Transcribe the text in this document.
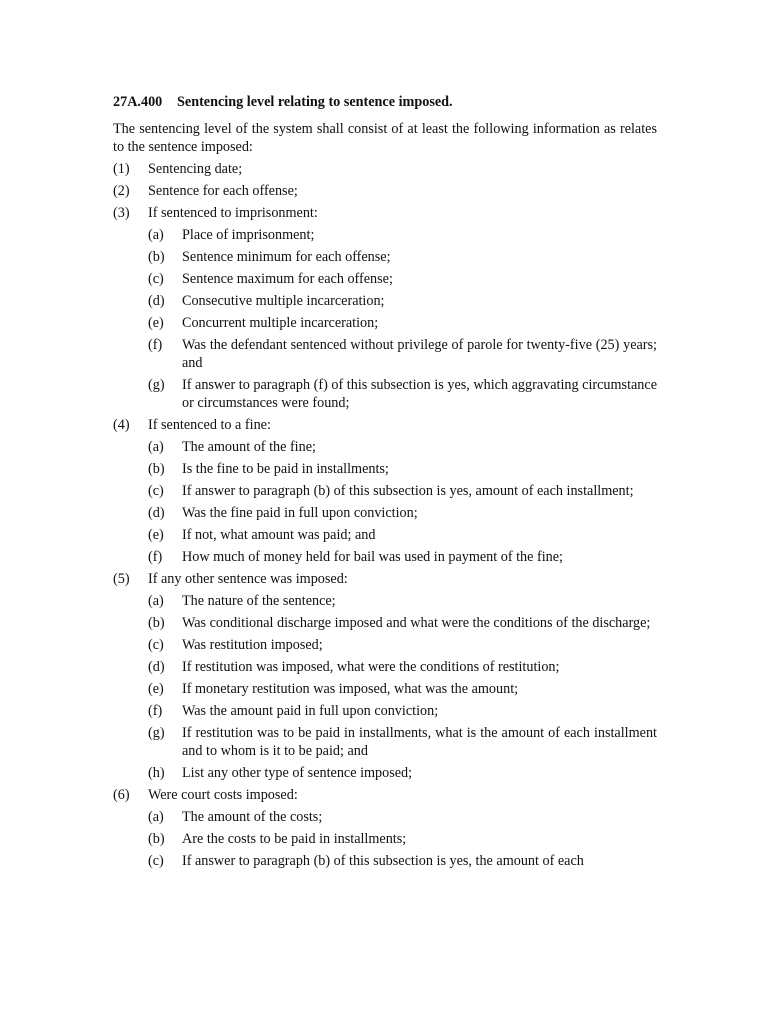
27A.400 Sentencing level relating to sentence imposed.
The sentencing level of the system shall consist of at least the following information as relates to the sentence imposed:
(1) Sentencing date;
(2) Sentence for each offense;
(3) If sentenced to imprisonment:
(a) Place of imprisonment;
(b) Sentence minimum for each offense;
(c) Sentence maximum for each offense;
(d) Consecutive multiple incarceration;
(e) Concurrent multiple incarceration;
(f) Was the defendant sentenced without privilege of parole for twenty-five (25) years; and
(g) If answer to paragraph (f) of this subsection is yes, which aggravating circumstance or circumstances were found;
(4) If sentenced to a fine:
(a) The amount of the fine;
(b) Is the fine to be paid in installments;
(c) If answer to paragraph (b) of this subsection is yes, amount of each installment;
(d) Was the fine paid in full upon conviction;
(e) If not, what amount was paid; and
(f) How much of money held for bail was used in payment of the fine;
(5) If any other sentence was imposed:
(a) The nature of the sentence;
(b) Was conditional discharge imposed and what were the conditions of the discharge;
(c) Was restitution imposed;
(d) If restitution was imposed, what were the conditions of restitution;
(e) If monetary restitution was imposed, what was the amount;
(f) Was the amount paid in full upon conviction;
(g) If restitution was to be paid in installments, what is the amount of each installment and to whom is it to be paid; and
(h) List any other type of sentence imposed;
(6) Were court costs imposed:
(a) The amount of the costs;
(b) Are the costs to be paid in installments;
(c) If answer to paragraph (b) of this subsection is yes, the amount of each
